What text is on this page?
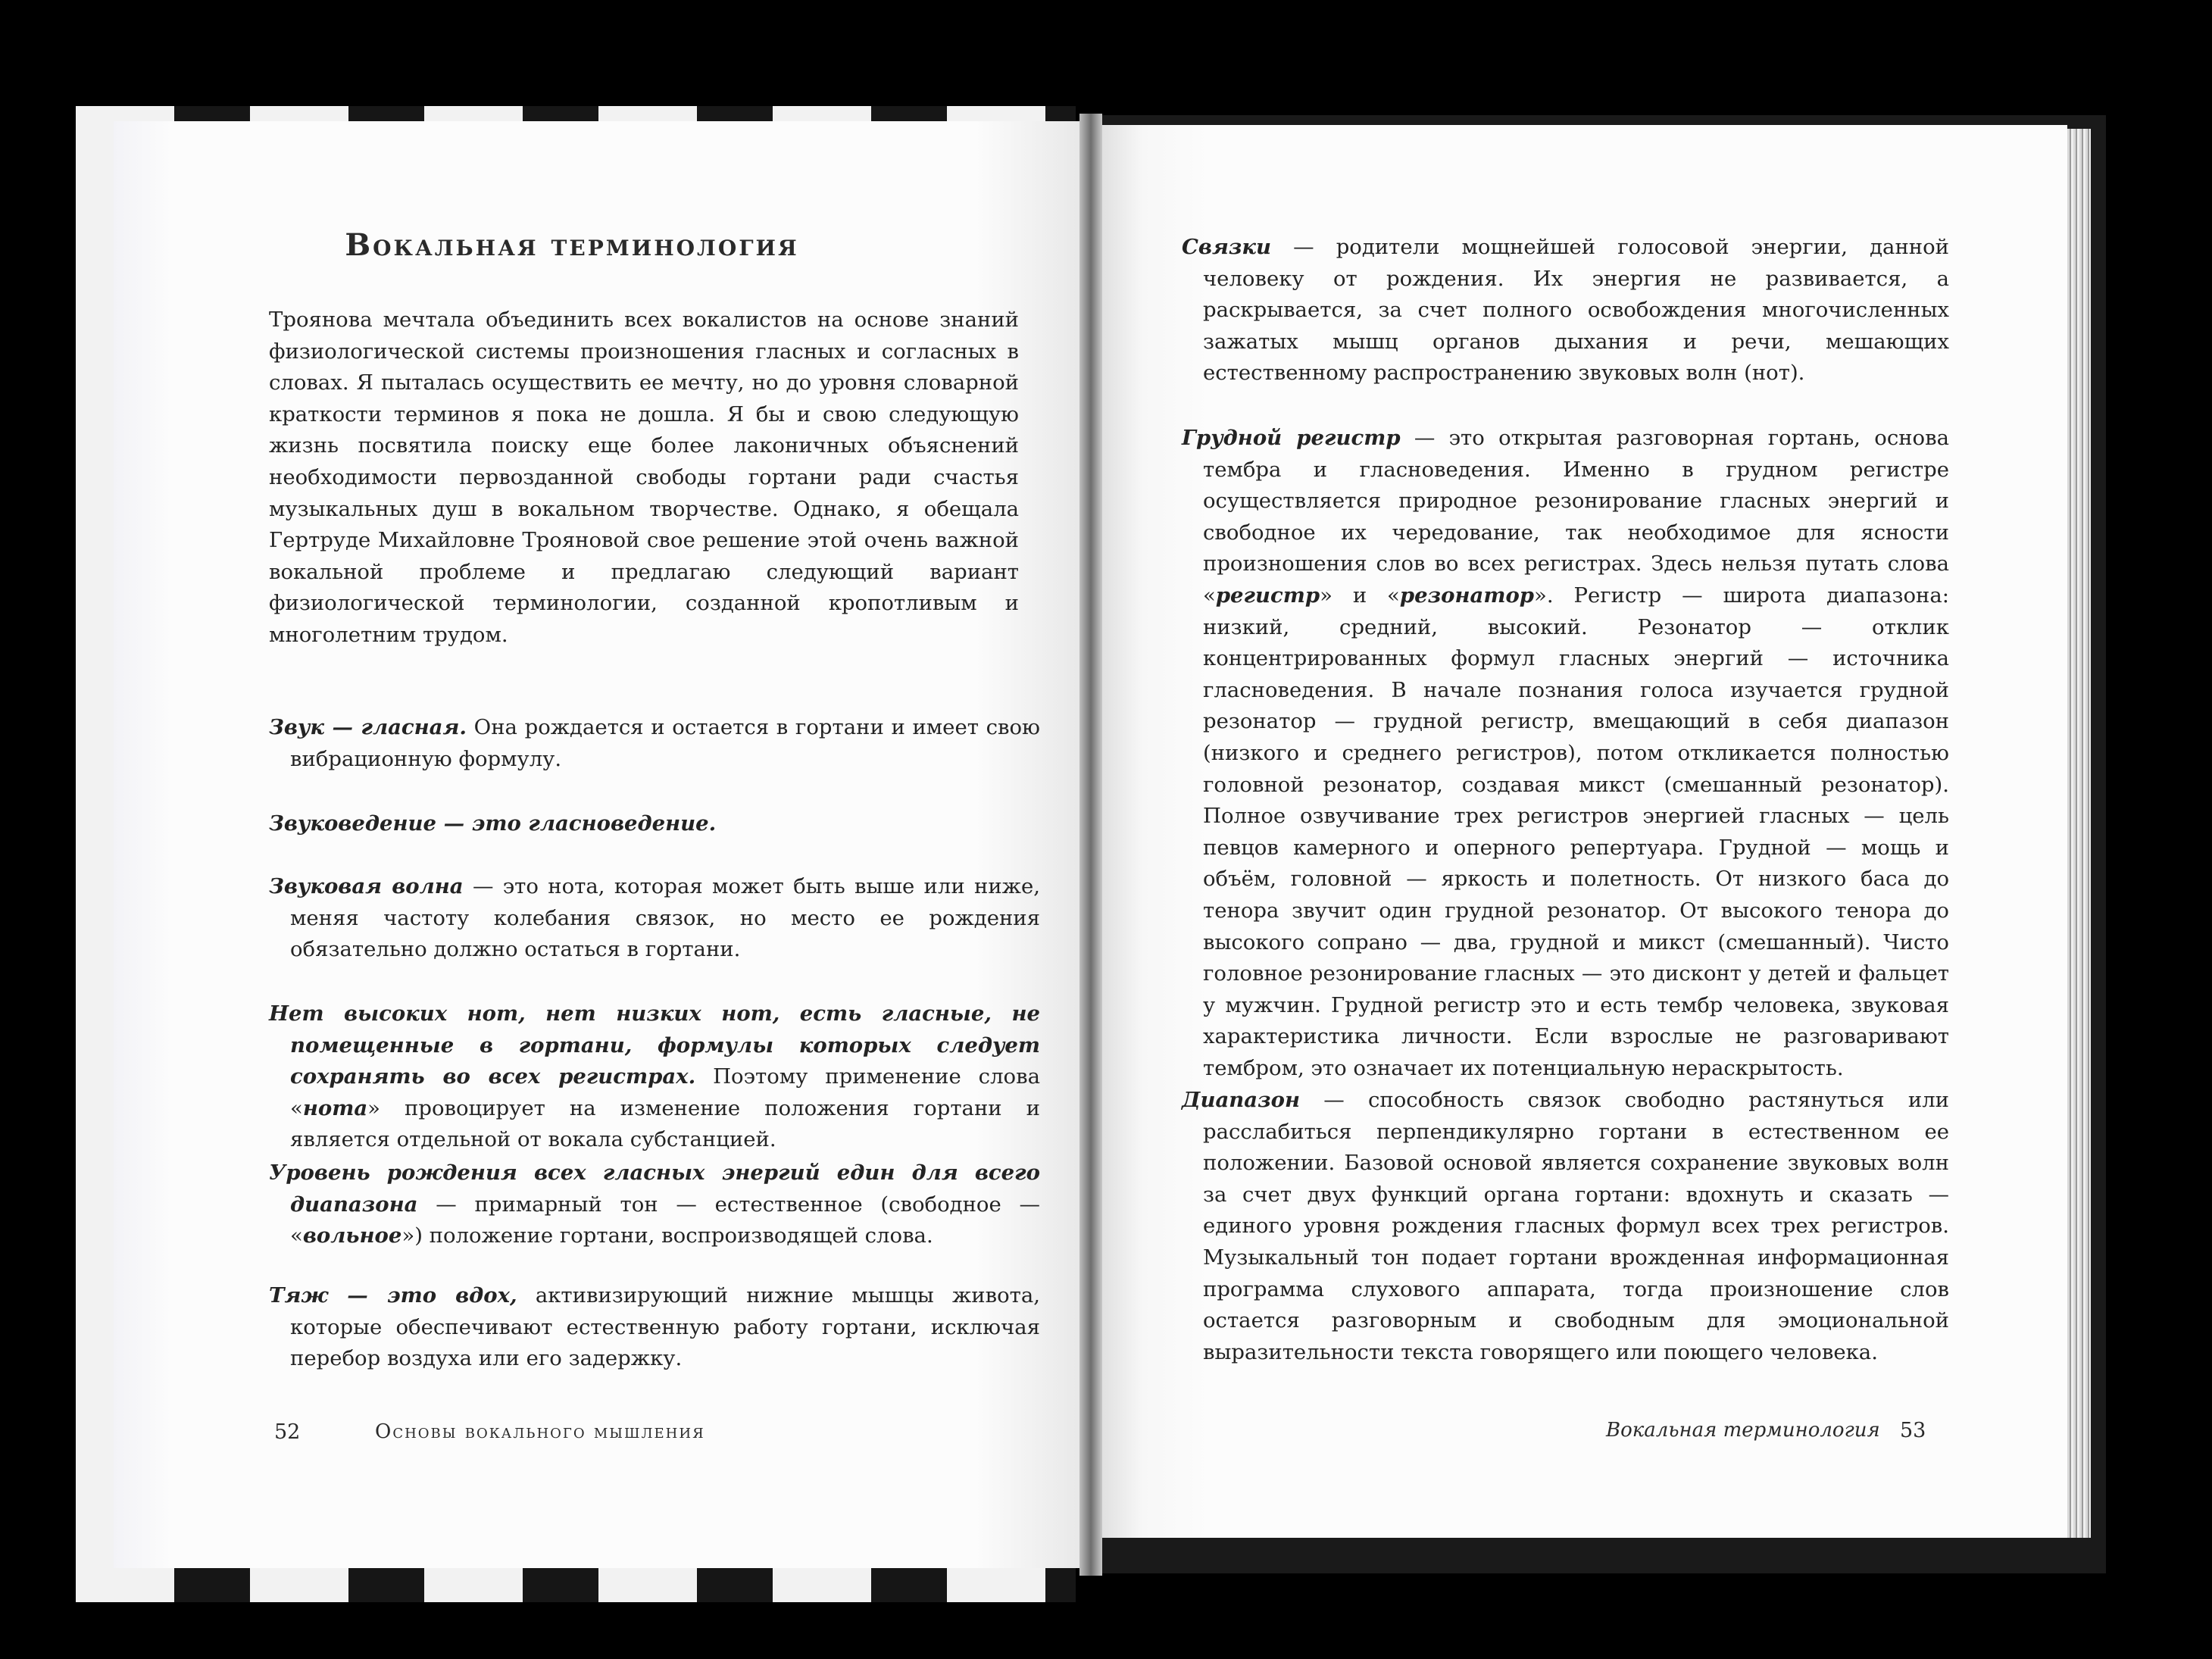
Вокальная терминология
Троянова мечтала объединить всех вокалистов на основе знаний физиологической системы произношения гласных и согласных в словах. Я пыталась осуществить ее мечту, но до уровня словарной краткости терминов я пока не дошла. Я бы и свою следующую жизнь посвятила поиску еще более лаконичных объяснений необходимости первозданной свободы гортани ради счастья музыкальных душ в вокальном творчестве. Однако, я обещала Гертруде Михайловне Трояновой свое решение этой очень важной вокальной проблеме и предлагаю следующий вариант физиологической терминологии, созданной кропотливым и многолетним трудом.
Звук — гласная. Она рождается и остается в гортани и имеет свою вибрационную формулу.
Звуковедение — это гласноведение.
Звуковая волна — это нота, которая может быть выше или ниже, меняя частоту колебания связок, но место ее рождения обязательно должно остаться в гортани.
Нет высоких нот, нет низких нот, есть гласные, не помещенные в гортани, формулы которых следует сохранять во всех регистрах. Поэтому применение слова «нота» провоцирует на изменение положения гортани и является отдельной от вокала субстанцией.
Уровень рождения всех гласных энергий един для всего диапазона — примарный тон — естественное (свободное — «вольное») положение гортани, воспроизводящей слова.
Тяж — это вдох, активизирующий нижние мышцы живота, которые обеспечивают естественную работу гортани, исключая перебор воздуха или его задержку.
52	Основы вокального мышления
Связки — родители мощнейшей голосовой энергии, данной человеку от рождения. Их энергия не развивается, а раскрывается, за счет полного освобождения многочисленных зажатых мышц органов дыхания и речи, мешающих естественному распространению звуковых волн (нот).
Грудной регистр — это открытая разговорная гортань, основа тембра и гласноведения. Именно в грудном регистре осуществляется природное резонирование гласных энергий и свободное их чередование, так необходимое для ясности произношения слов во всех регистрах. Здесь нельзя путать слова «регистр» и «резонатор». Регистр — широта диапазона: низкий, средний, высокий. Резонатор — отклик концентрированных формул гласных энергий — источника гласноведения. В начале познания голоса изучается грудной резонатор — грудной регистр, вмещающий в себя диапазон (низкого и среднего регистров), потом откликается полностью головной резонатор, создавая микст (смешанный резонатор). Полное озвучивание трех регистров энергией гласных — цель певцов камерного и оперного репертуара. Грудной — мощь и объём, головной — яркость и полетность. От низкого баса до тенора звучит один грудной резонатор. От высокого тенора до высокого сопрано — два, грудной и микст (смешанный). Чисто головное резонирование гласных — это дисконт у детей и фальцет у мужчин. Грудной регистр это и есть тембр человека, звуковая характеристика личности. Если взрослые не разговаривают тембром, это означает их потенциальную нераскрытость.
Диапазон — способность связок свободно растянуться или расслабиться перпендикулярно гортани в естественном ее положении. Базовой основой является сохранение звуковых волн за счет двух функций органа гортани: вдохнуть и сказать — единого уровня рождения гласных формул всех трех регистров. Музыкальный тон подает гортани врожденная информационная программа слухового аппарата, тогда произношение слов остается разговорным и свободным для эмоциональной выразительности текста говорящего или поющего человека.
Вокальная терминология 53
